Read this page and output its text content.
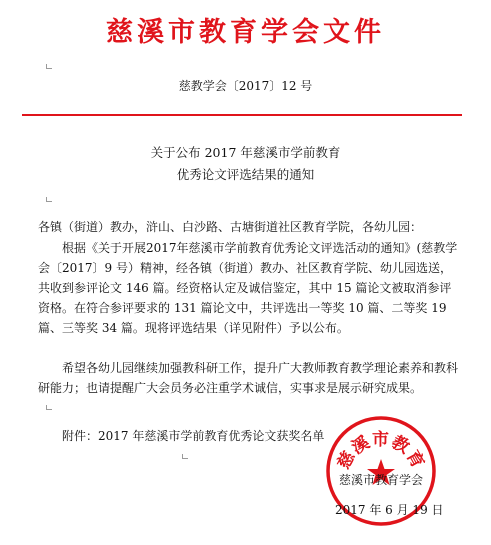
慈溪市教育学会文件
慈教学会〔2017〕12 号
关于公布 2017 年慈溪市学前教育
优秀论文评选结果的通知
各镇（街道）教办，浒山、白沙路、古塘街道社区教育学院，各幼儿园：
根据《关于开展2017年慈溪市学前教育优秀论文评选活动的通知》(慈教学会〔2017〕9 号）精神，经各镇（街道）教办、社区教育学院、幼儿园选送，共收到参评论文 146 篇。经资格认定及诚信鉴定，其中 15 篇论文被取消参评资格。在符合参评要求的 131 篇论文中，共评选出一等奖 10 篇、二等奖 19 篇、三等奖 34 篇。现将评选结果（详见附件）予以公布。
希望各幼儿园继续加强教科研工作，提升广大教师教育教学理论素养和教科研能力；也请提醒广大会员务必注重学术诚信，实事求是展示研究成果。
附件：2017 年慈溪市学前教育优秀论文获奖名单
慈溪市教育
慈溪市教育学会
2017 年 6 月 19 日
